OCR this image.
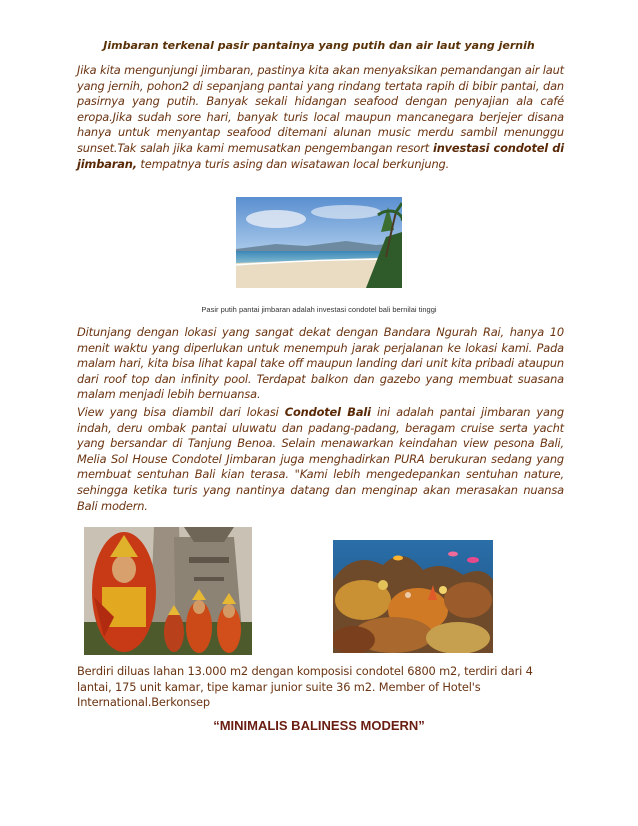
Jimbaran terkenal pasir pantainya yang putih dan air laut yang jernih
Jika kita mengunjungi jimbaran, pastinya kita akan menyaksikan pemandangan air laut yang jernih, pohon2 di sepanjang pantai yang rindang tertata rapih di bibir pantai, dan pasirnya yang putih. Banyak sekali hidangan seafood dengan penyajian ala café eropa.Jika sudah sore hari, banyak turis local maupun mancanegara berjejer disana hanya untuk menyantap seafood ditemani alunan music merdu sambil menunggu sunset.Tak salah jika kami memusatkan pengembangan resort investasi condotel di jimbaran, tempatnya turis asing dan wisatawan local berkunjung.
Pasir putih pantai jimbaran adalah investasi condotel bali bernilai tinggi
Ditunjang dengan lokasi yang sangat dekat dengan Bandara Ngurah Rai, hanya 10 menit waktu yang diperlukan untuk menempuh jarak perjalanan ke lokasi kami. Pada malam hari, kita bisa lihat kapal take off maupun landing dari unit kita pribadi ataupun dari roof top dan infinity pool. Terdapat balkon dan gazebo yang membuat suasana malam menjadi lebih bernuansa.
View yang bisa diambil dari lokasi Condotel Bali ini adalah pantai jimbaran yang indah, deru ombak pantai uluwatu dan padang-padang, beragam cruise serta yacht yang bersandar di Tanjung Benoa. Selain menawarkan keindahan view pesona Bali, Melia Sol House Condotel Jimbaran juga menghadirkan PURA berukuran sedang yang membuat sentuhan Bali kian terasa. "Kami lebih mengedepankan sentuhan nature, sehingga ketika turis yang nantinya datang dan menginap akan merasakan nuansa Bali modern.
Berdiri diluas lahan 13.000 m2 dengan komposisi condotel 6800 m2, terdiri dari 4 lantai, 175 unit kamar, tipe kamar junior suite 36 m2. Member of Hotel's International.Berkonsep
“MINIMALIS BALINESS MODERN”
